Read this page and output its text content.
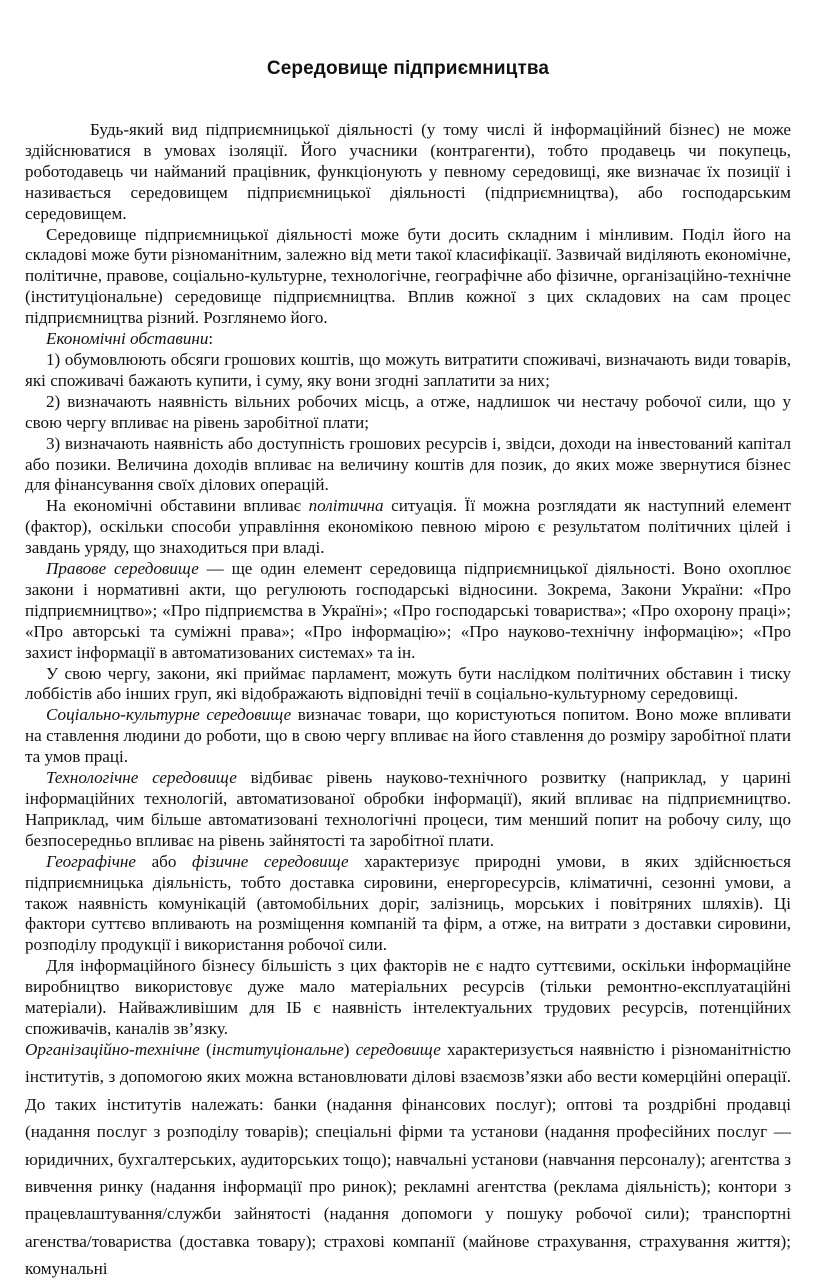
Середовище підприємництва

Будь-який вид підприємницької діяльності (у тому числі й інформаційний бізнес) не може здійснюватися в умовах ізоляції. Його учасники (контрагенти), тобто продавець чи покупець, роботодавець чи найманий працівник, функціонують у певному середовищі, яке визначає їх позиції і називається середовищем підприємницької діяльності (підприємництва), або господарським середовищем.

Середовище підприємницької діяльності може бути досить складним і мінливим. Поділ його на складові може бути різноманітним, залежно від мети такої класифікації. Зазвичай виділяють економічне, політичне, правове, соціально-культурне, технологічне, географічне або фізичне, організаційно-технічне (інституціональне) середовище підприємництва. Вплив кожної з цих складових на сам процес підприємництва різний. Розглянемо його.

Економічні обставини:

1) обумовлюють обсяги грошових коштів, що можуть витратити споживачі, визначають види товарів, які споживачі бажають купити, і суму, яку вони згодні заплатити за них;

2) визначають наявність вільних робочих місць, а отже, надлишок чи нестачу робочої сили, що у свою чергу впливає на рівень заробітної плати;

3) визначають наявність або доступність грошових ресурсів і, звідси, доходи на інвестований капітал або позики. Величина доходів впливає на величину коштів для позик, до яких може звернутися бізнес для фінансування своїх ділових операцій.

На економічні обставини впливає політична ситуація. Її можна розглядати як наступний елемент (фактор), оскільки способи управління економікою певною мірою є результатом політичних цілей і завдань уряду, що знаходиться при владі.

Правове середовище — ще один елемент середовища підприємницької діяльності. Воно охоплює закони і нормативні акти, що регулюють господарські відносини. Зокрема, Закони України: «Про підприємництво»; «Про підприємства в Україні»; «Про господарські товариства»; «Про охорону праці»; «Про авторські та суміжні права»; «Про інформацію»; «Про науково-технічну інформацію»; «Про захист інформації в автоматизованих системах» та ін.

У свою чергу, закони, які приймає парламент, можуть бути наслідком політичних обставин і тиску лоббістів або інших груп, які відображають відповідні течії в соціально-культурному середовищі.

Соціально-культурне середовище визначає товари, що користуються попитом. Воно може впливати на ставлення людини до роботи, що в свою чергу впливає на його ставлення до розміру заробітної плати та умов праці.

Технологічне середовище відбиває рівень науково-технічного розвитку (наприклад, у царині інформаційних технологій, автоматизованої обробки інформації), який впливає на підприємництво. Наприклад, чим більше автоматизовані технологічні процеси, тим менший попит на робочу силу, що безпосередньо впливає на рівень зайнятості та заробітної плати.

Географічне або фізичне середовище характеризує природні умови, в яких здійснюється підприємницька діяльність, тобто доставка сировини, енергоресурсів, кліматичні, сезонні умови, а також наявність комунікацій (автомобільних доріг, залізниць, морських і повітряних шляхів). Ці фактори суттєво впливають на розміщення компаній та фірм, а отже, на витрати з доставки сировини, розподілу продукції і використання робочої сили.

Для інформаційного бізнесу більшість з цих факторів не є надто суттєвими, оскільки інформаційне виробництво використовує дуже мало матеріальних ресурсів (тільки ремонтно-експлуатаційні матеріали). Найважливішим для ІБ є наявність інтелектуальних трудових ресурсів, потенційних споживачів, каналів зв’язку.

Організаційно-технічне (інституціональне) середовище характеризується наявністю і різноманітністю інститутів, з допомогою яких можна встановлювати ділові взаємозв’язки або вести комерційні операції. До таких інститутів належать: банки (надання фінансових послуг); оптові та роздрібні продавці (надання послуг з розподілу товарів); спеціальні фірми та установи (надання професійних послуг — юридичних, бухгалтерських, аудиторських тощо); навчальні установи (навчання персоналу); агентства з вивчення ринку (надання інформації про ринок); рекламні агентства (реклама діяльність); контори з працевлаштування/служби зайнятості (надання допомоги у пошуку робочої сили); транспортні агенства/товариства (доставка товару); страхові компанії (майнове страхування, страхування життя); комунальні
